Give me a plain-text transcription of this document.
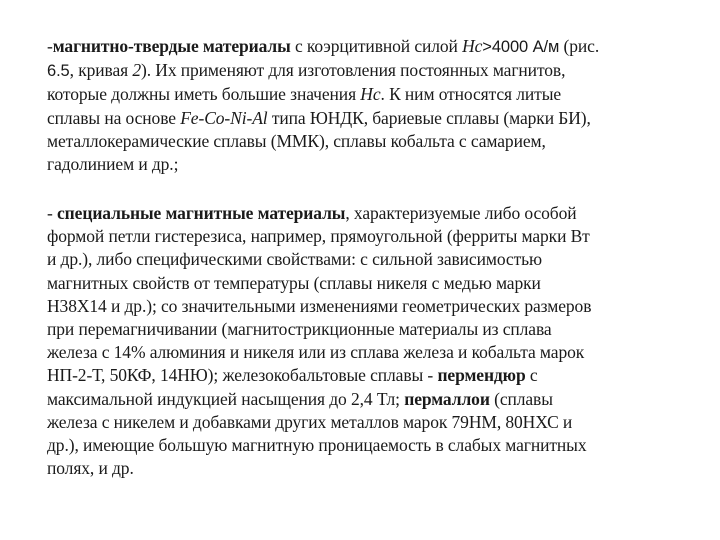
-магнитно-твердые материалы с коэрцитивной силой Hc>4000 А/м (рис.
6.5, кривая 2). Их применяют для изготовления постоянных магнитов,
которые должны иметь большие значения Hc. К ним относятся литые
сплавы на основе Fe-Co-Ni-Al типа ЮНДК, бариевые сплавы (марки БИ),
металлокерамические сплавы (ММК), сплавы кобальта с самарием,
гадолинием и др.;

- специальные магнитные материалы, характеризуемые либо особой
формой петли гистерезиса, например, прямоугольной (ферриты марки Вт
и др.), либо специфическими свойствами: с сильной зависимостью
магнитных свойств от температуры (сплавы никеля с медью марки
Н38Х14 и др.); со значительными изменениями геометрических размеров
при перемагничивании (магнитострикционные материалы из сплава
железа с 14% алюминия и никеля или из сплава железа и кобальта марок
НП-2-Т, 50КФ, 14НЮ); железокобальтовые сплавы - пермендюр с
максимальной индукцией насыщения до 2,4 Тл; пермаллои (сплавы
железа с никелем и добавками других металлов марок 79НМ, 80НХС и
др.), имеющие большую магнитную проницаемость в слабых магнитных
полях, и др.
